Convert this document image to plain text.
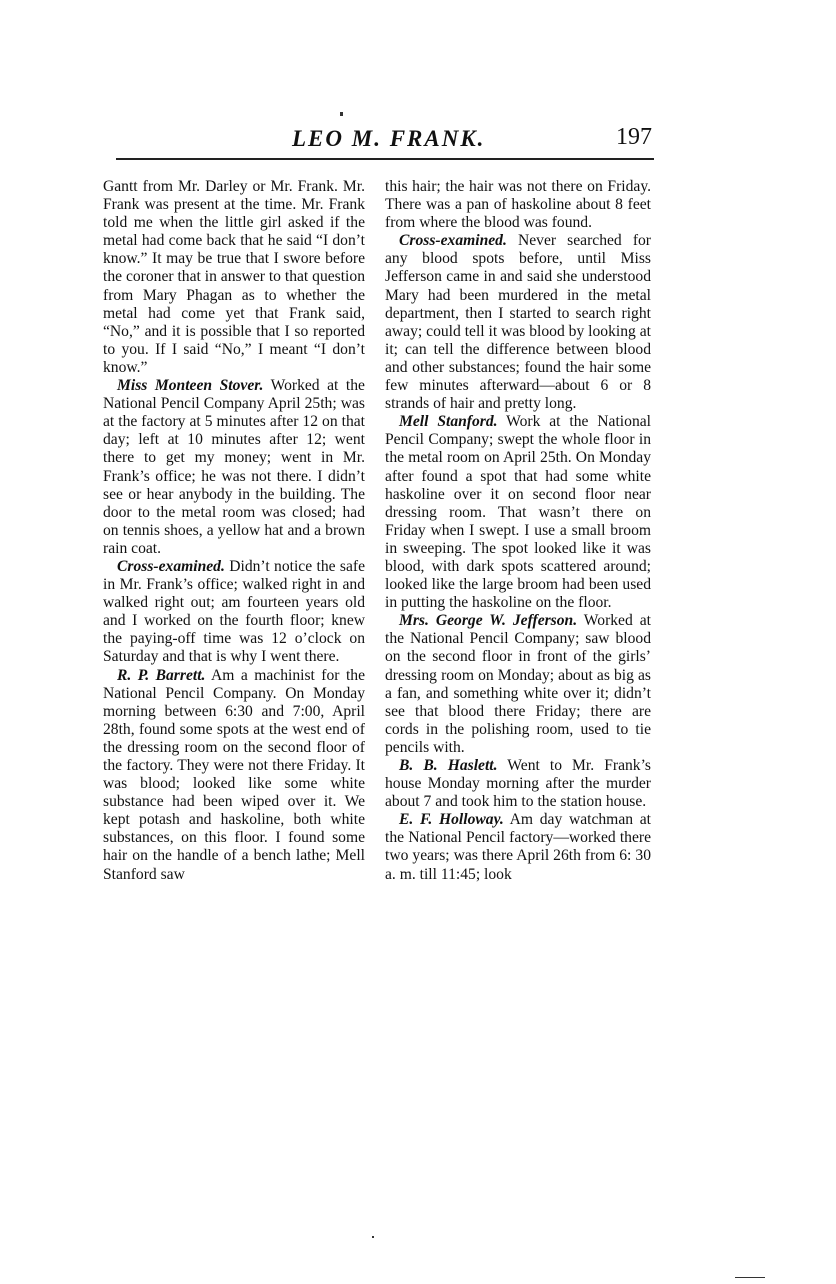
LEO M. FRANK.	197

Gantt from Mr. Darley or Mr. Frank. Mr. Frank was present at the time. Mr. Frank told me when the little girl asked if the metal had come back that he said “I don’t know.” It may be true that I swore before the coroner that in answer to that question from Mary Phagan as to whether the metal had come yet that Frank said, “No,” and it is possible that I so reported to you. If I said “No,” I meant “I don’t know.”

Miss Monteen Stover. Worked at the National Pencil Company April 25th; was at the factory at 5 minutes after 12 on that day; left at 10 minutes after 12; went there to get my money; went in Mr. Frank’s office; he was not there. I didn’t see or hear anybody in the building. The door to the metal room was closed; had on tennis shoes, a yellow hat and a brown rain coat.

Cross-examined. Didn’t notice the safe in Mr. Frank’s office; walked right in and walked right out; am fourteen years old and I worked on the fourth floor; knew the paying-off time was 12 o’clock on Saturday and that is why I went there.

R. P. Barrett. Am a machinist for the National Pencil Company. On Monday morning between 6:30 and 7:00, April 28th, found some spots at the west end of the dressing room on the second floor of the factory. They were not there Friday. It was blood; looked like some white substance had been wiped over it. We kept potash and haskoline, both white substances, on this floor. I found some hair on the handle of a bench lathe; Mell Stanford saw

this hair; the hair was not there on Friday. There was a pan of haskoline about 8 feet from where the blood was found.

Cross-examined. Never searched for any blood spots before, until Miss Jefferson came in and said she understood Mary had been murdered in the metal department, then I started to search right away; could tell it was blood by looking at it; can tell the difference between blood and other substances; found the hair some few minutes afterward—about 6 or 8 strands of hair and pretty long.

Mell Stanford. Work at the National Pencil Company; swept the whole floor in the metal room on April 25th. On Monday after found a spot that had some white haskoline over it on second floor near dressing room. That wasn’t there on Friday when I swept. I use a small broom in sweeping. The spot looked like it was blood, with dark spots scattered around; looked like the large broom had been used in putting the haskoline on the floor.

Mrs. George W. Jefferson. Worked at the National Pencil Company; saw blood on the second floor in front of the girls’ dressing room on Monday; about as big as a fan, and something white over it; didn’t see that blood there Friday; there are cords in the polishing room, used to tie pencils with.

B. B. Haslett. Went to Mr. Frank’s house Monday morning after the murder about 7 and took him to the station house.

E. F. Holloway. Am day watchman at the National Pencil factory—worked there two years; was there April 26th from 6: 30 a. m. till 11:45; look
